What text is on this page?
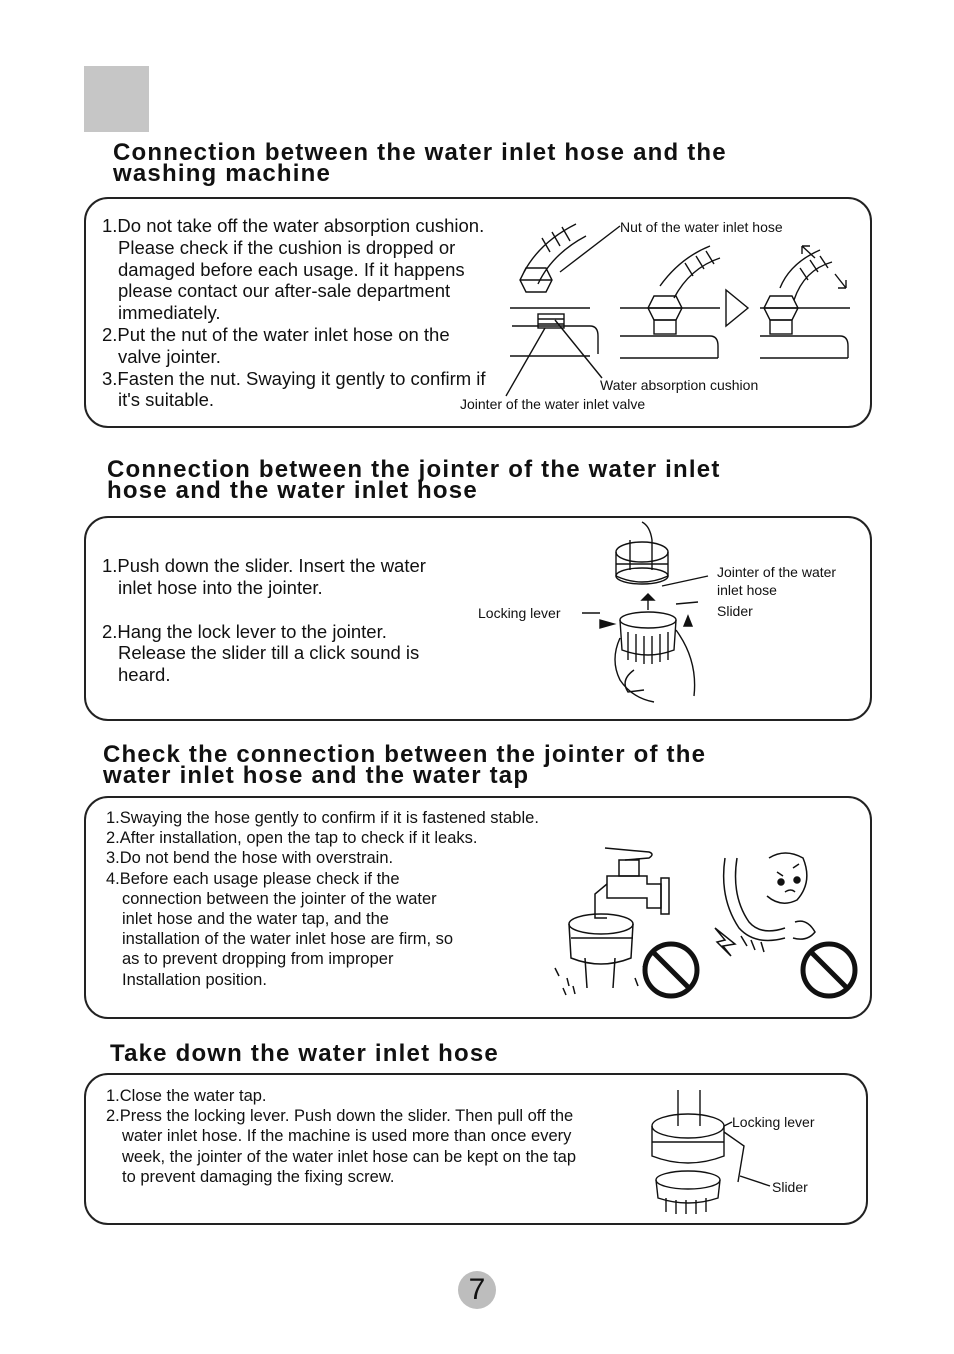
Connection between the water inlet hose and the
washing machine
1.Do not take off the water absorption cushion. Please check if the cushion is dropped or damaged before each usage. If it happens please contact our after-sale department immediately.
2.Put the nut of the water inlet hose on the valve jointer.
3.Fasten the nut. Swaying it gently to confirm if it's suitable.
Nut of the water inlet hose
Water absorption cushion
Jointer of the water inlet valve
Connection between the jointer of the water inlet
hose and the water inlet hose
1.Push down the slider. Insert the water inlet hose into the jointer.
2.Hang the lock lever to the jointer. Release the slider till a click sound is heard.
Jointer of the water
inlet hose
Slider
Locking lever
Check the connection between the jointer of the
water inlet hose and the water tap
1.Swaying the hose gently to confirm if it is fastened stable.
2.After installation, open the tap to check if it leaks.
3.Do not bend the hose with overstrain.
4.Before each usage please check if the connection between the jointer of the water inlet hose and the water tap, and the installation of the water inlet hose are firm, so as to prevent dropping from improper Installation position.
Take down the water inlet hose
1.Close the water tap.
2.Press the locking lever. Push down the slider. Then pull off the water inlet hose. If the machine is used more than once every week, the jointer of the water inlet hose can be kept on the tap to prevent damaging the fixing screw.
Locking lever
Slider
7
